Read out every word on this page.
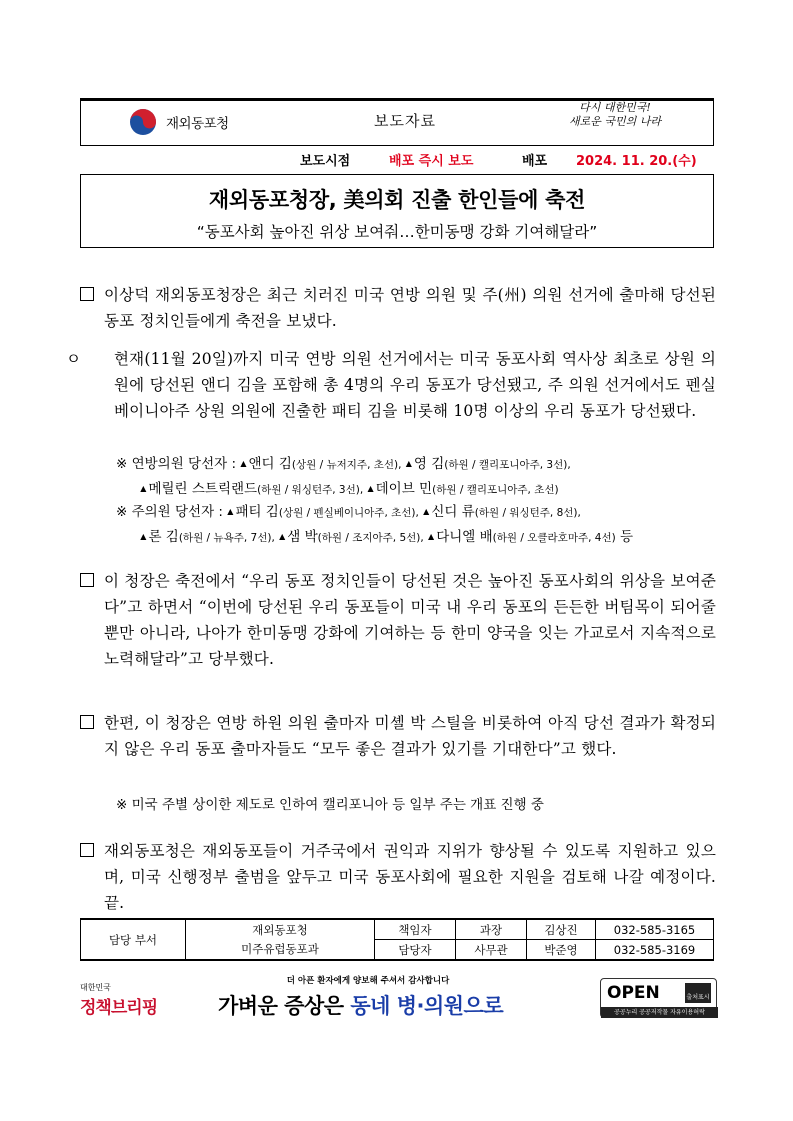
재외동포청	보도자료
다시 대한민국!
새로운 국민의 나라
보도시점	배포 즉시 보도	배포 2024. 11. 20.(수)
재외동포청장, 美의회 진출 한인들에 축전
“동포사회 높아진 위상 보여줘…한미동맹 강화 기여해달라”
이상덕 재외동포청장은 최근 치러진 미국 연방 의원 및 주(州) 의원 선거에 출마해 당선된 동포 정치인들에게 축전을 보냈다.
ㅇ 현재(11월 20일)까지 미국 연방 의원 선거에서는 미국 동포사회 역사상 최초로 상원 의원에 당선된 앤디 김을 포함해 총 4명의 우리 동포가 당선됐고, 주 의원 선거에서도 펜실베이니아주 상원 의원에 진출한 패티 김을 비롯해 10명 이상의 우리 동포가 당선됐다.
※ 연방의원 당선자 : ▲ 앤디 김(상원 / 뉴저지주, 초선), ▲ 영 김(하원 / 캘리포니아주, 3선),
▲ 메릴린 스트릭랜드(하원 / 워싱턴주, 3선), ▲ 데이브 민(하원 / 캘리포니아주, 초선)
※ 주의원 당선자 : ▲ 패티 김(상원 / 펜실베이니아주, 초선), ▲ 신디 류(하원 / 워싱턴주, 8선),
▲ 론 김(하원 / 뉴욕주, 7선), ▲ 샘 박(하원 / 조지아주, 5선), ▲ 다니엘 배(하원 / 오클라호마주, 4선) 등
이 청장은 축전에서 “우리 동포 정치인들이 당선된 것은 높아진 동포사회의 위상을 보여준다”고 하면서 “이번에 당선된 우리 동포들이 미국 내 우리 동포의 든든한 버팀목이 되어줄 뿐만 아니라, 나아가 한미동맹 강화에 기여하는 등 한미 양국을 잇는 가교로서 지속적으로 노력해달라”고 당부했다.
한편, 이 청장은 연방 하원 의원 출마자 미셸 박 스틸을 비롯하여 아직 당선 결과가 확정되지 않은 우리 동포 출마자들도 “모두 좋은 결과가 있기를 기대한다”고 했다.
※ 미국 주별 상이한 제도로 인하여 캘리포니아 등 일부 주는 개표 진행 중
재외동포청은 재외동포들이 거주국에서 권익과 지위가 향상될 수 있도록 지원하고 있으며, 미국 신행정부 출범을 앞두고 미국 동포사회에 필요한 지원을 검토해 나갈 예정이다. 끝.
담당 부서	재외동포청	책임자	과장	김상진	032-585-3165
	미주유럽동포과	담당자	사무관	박준영	032-585-3169
대한민국
정책브리핑
더 아픈 환자에게 양보해 주셔서 감사합니다
가벼운 증상은 동네 병·의원으로
OPEN	출처표시
공공누리 공공저작물 자유이용허락
